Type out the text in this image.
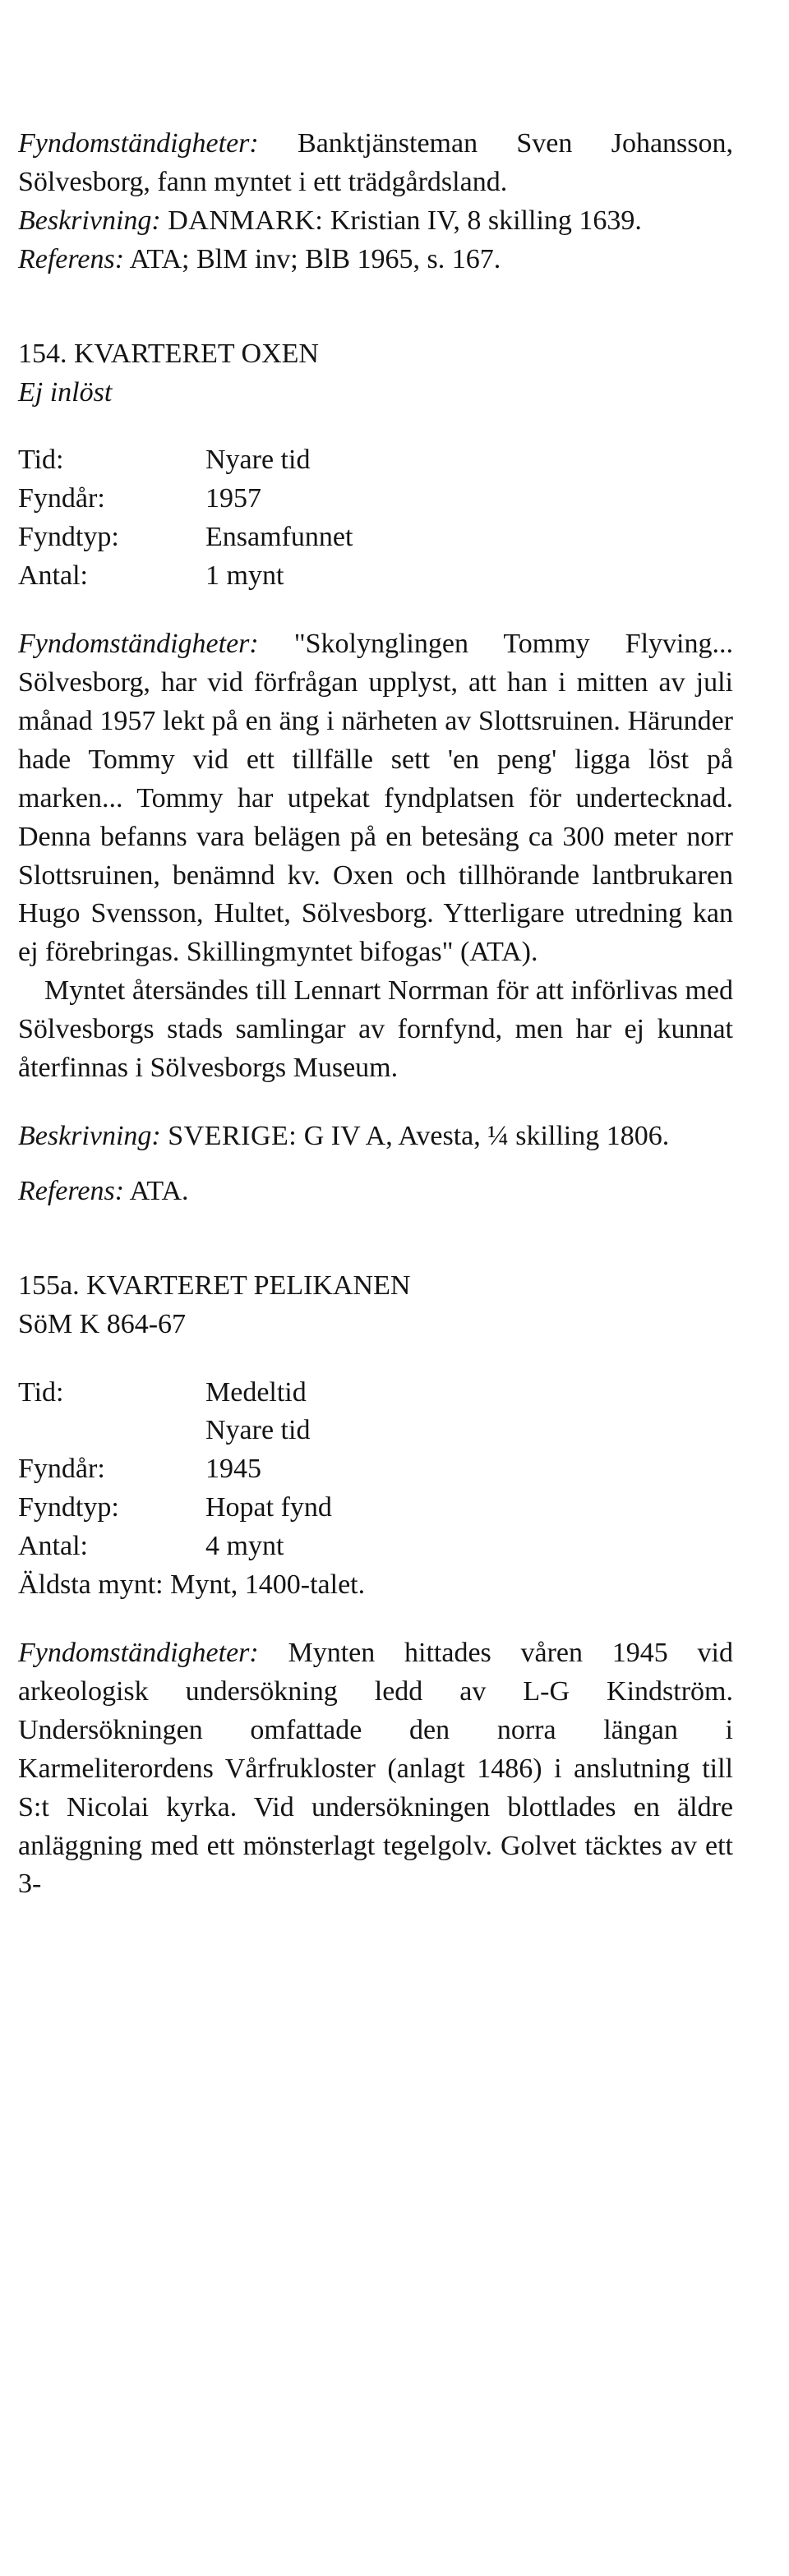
Fyndomständigheter: Banktjänsteman Sven Johansson, Sölvesborg, fann myntet i ett trädgårdsland.

Beskrivning: DANMARK: Kristian IV, 8 skilling 1639.

Referens: ATA; BlM inv; BlB 1965, s. 167.

154. KVARTERET OXEN

Ej inlöst

Tid:	Nyare tid
Fyndår:	1957
Fyndtyp:	Ensamfunnet
Antal:	1 mynt

Fyndomständigheter: "Skolynglingen Tommy Flyving... Sölvesborg, har vid förfrågan upplyst, att han i mitten av juli månad 1957 lekt på en äng i närheten av Slottsruinen. Härunder hade Tommy vid ett tillfälle sett 'en peng' ligga löst på marken... Tommy har utpekat fyndplatsen för undertecknad. Denna befanns vara belägen på en betesäng ca 300 meter norr Slottsruinen, benämnd kv. Oxen och tillhörande lantbrukaren Hugo Svensson, Hultet, Sölvesborg. Ytterligare utredning kan ej förebringas. Skillingmyntet bifogas" (ATA).

Myntet återsändes till Lennart Norrman för att införlivas med Sölvesborgs stads samlingar av fornfynd, men har ej kunnat återfinnas i Sölvesborgs Museum.

Beskrivning: SVERIGE: G IV A, Avesta, ¼ skilling 1806.

Referens: ATA.

155a. KVARTERET PELIKANEN

SöM K 864-67

Tid:	Medeltid
Nyare tid
Fyndår:	1945
Fyndtyp:	Hopat fynd
Antal:	4 mynt

Äldsta mynt: Mynt, 1400-talet.

Fyndomständigheter: Mynten hittades våren 1945 vid arkeologisk undersökning ledd av L-G Kindström. Undersökningen omfattade den norra längan i Karmeliterordens Vårfrukloster (anlagt 1486) i anslutning till S:t Nicolai kyrka. Vid undersökningen blottlades en äldre anläggning med ett mönsterlagt tegelgolv. Golvet täcktes av ett 3-
